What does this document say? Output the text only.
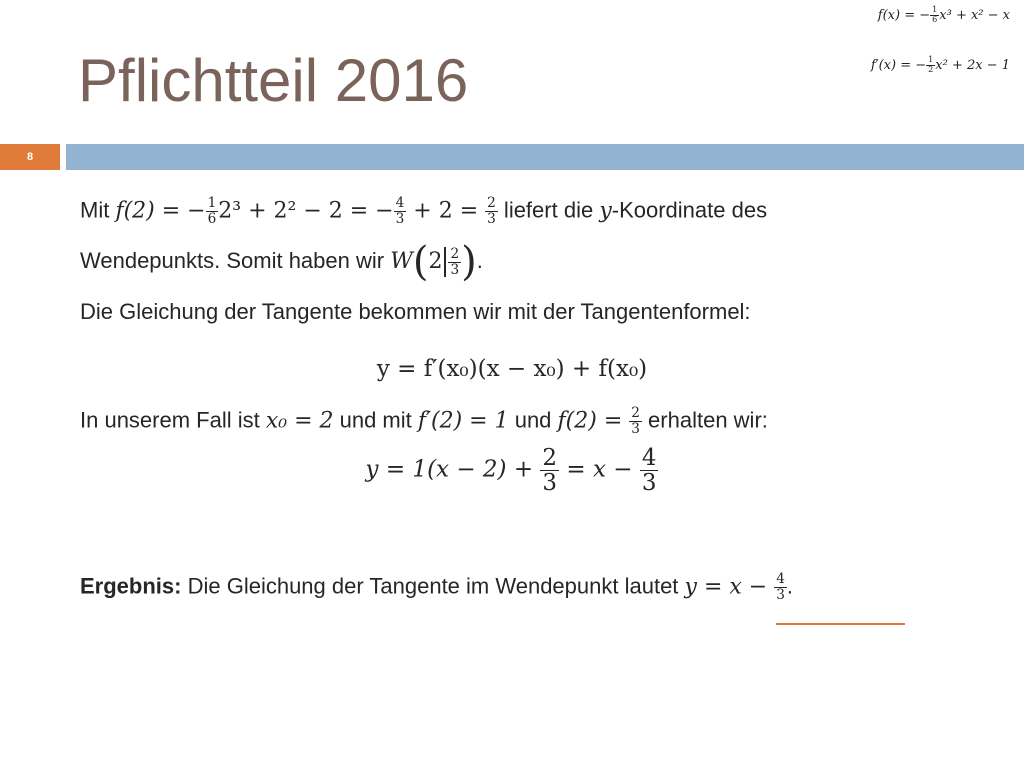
Pflichtteil 2016
f(x) = − $\frac{1}{6} x^3 + x^2 - x$
f′(x) = − $\frac{1}{2} x^2 + 2x - 1$
8
Mit f(2) = − $\frac{1}{6} 2^3 + 2^2 - 2$ = − $\frac{4}{3} + 2 = \frac{2}{3}$ liefert die y-Koordinate des
Wendepunkts. Somit haben wir W ( $2 \frac{2}{3}$ ) .
Die Gleichung der Tangente bekommen wir mit der Tangentenformel:
y = f′(x₀)(x − x₀) + f(x₀)
In unserem Fall ist x₀ = 2 und mit f′(2) = 1 und $f(2) = \frac{2}{3}$ erhalten wir:
$y = 1(x - 2) + \frac{2}{3} = x - \frac{4}{3}$
Ergebnis: Die Gleichung der Tangente im Wendepunkt lautet $y = x - \frac{4}{3}$ .
